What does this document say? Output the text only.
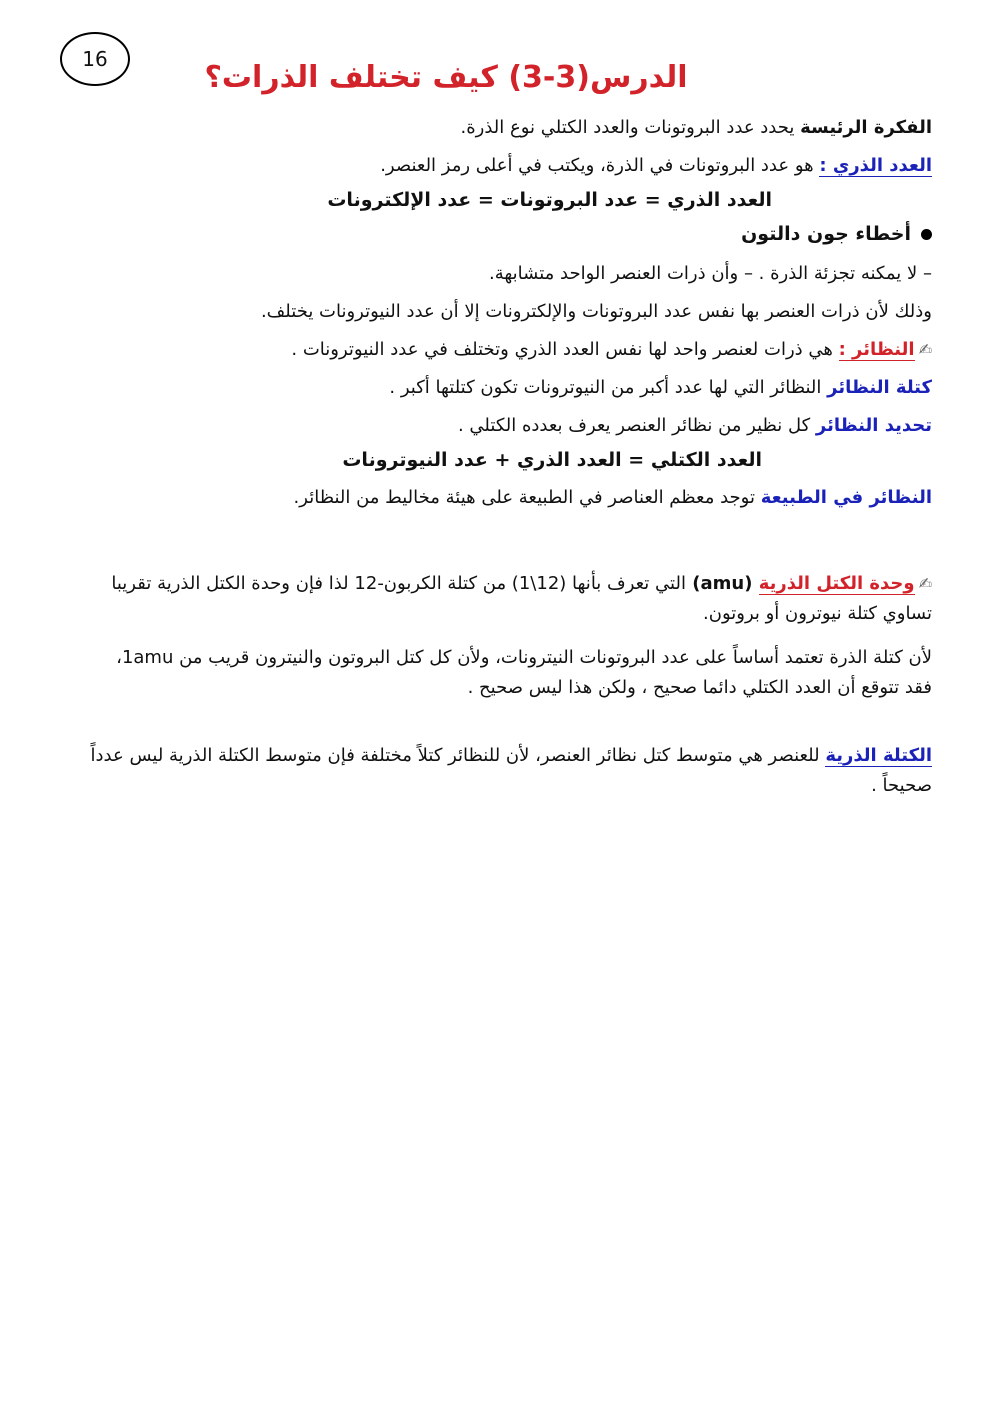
16
الدرس(3-3) كيف تختلف الذرات؟

الفكرة الرئيسة يحدد عدد البروتونات والعدد الكتلي نوع الذرة.

العدد الذري : هو عدد البروتونات في الذرة، ويكتب في أعلى رمز العنصر.

العدد الذري = عدد البروتونات = عدد الإلكترونات

أخطاء جون دالتون

– لا يمكنه تجزئة الذرة . – وأن ذرات العنصر الواحد متشابهة.

وذلك لأن ذرات العنصر بها نفس عدد البروتونات والإلكترونات إلا أن عدد النيوترونات يختلف.

✍النظائر : هي ذرات لعنصر واحد لها نفس العدد الذري وتختلف في عدد النيوترونات .

كتلة النظائر النظائر التي لها عدد أكبر من النيوترونات تكون كتلتها أكبر .

تحديد النظائر كل نظير من نظائر العنصر يعرف بعدده الكتلي .

العدد الكتلي = العدد الذري + عدد النيوترونات

النظائر في الطبيعة توجد معظم العناصر في الطبيعة على هيئة مخاليط من النظائر.

✍وحدة الكتل الذرية (amu) التي تعرف بأنها (12\1) من كتلة الكربون-12 لذا فإن وحدة الكتل الذرية تقريبا تساوي كتلة نيوترون أو بروتون.

لأن كتلة الذرة تعتمد أساساً على عدد البروتونات النيترونات، ولأن كل كتل البروتون والنيترون قريب من 1amu، فقد تتوقع أن العدد الكتلي دائما صحيح ، ولكن هذا ليس صحيح .

الكتلة الذرية للعنصر هي متوسط كتل نظائر العنصر، لأن للنظائر كتلاً مختلفة فإن متوسط الكتلة الذرية ليس عدداً صحيحاً .
